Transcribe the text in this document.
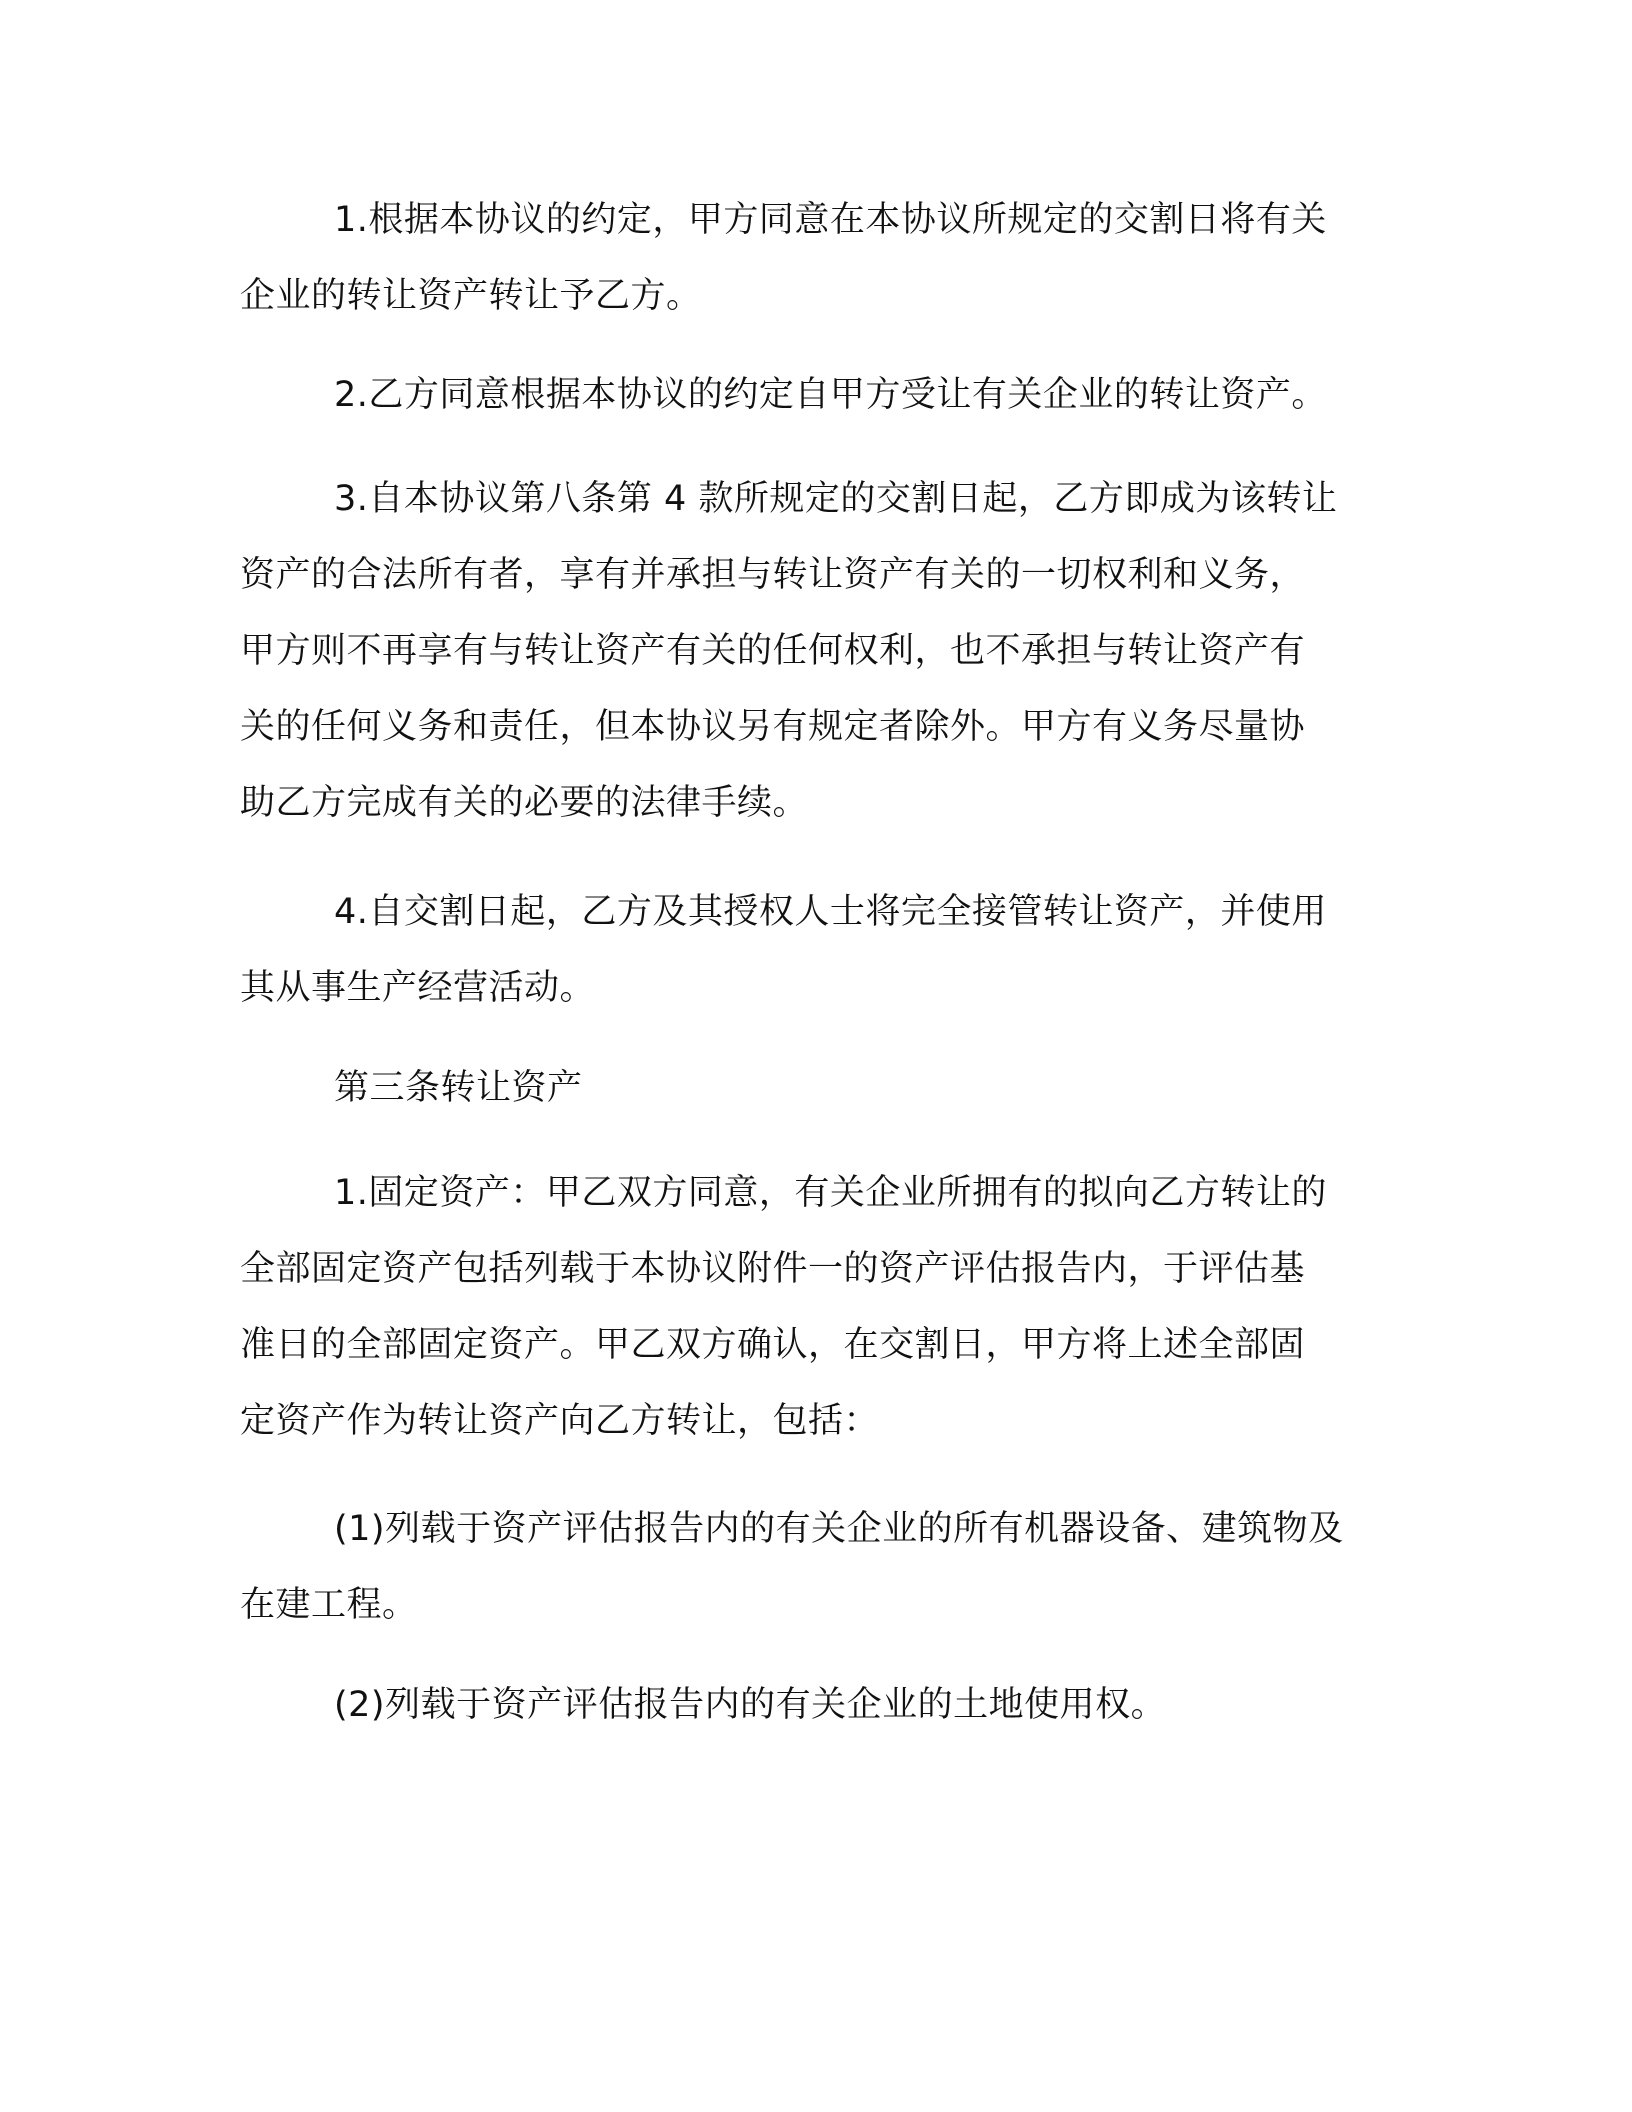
1.根据本协议的约定，甲方同意在本协议所规定的交割日将有关
企业的转让资产转让予乙方。

2.乙方同意根据本协议的约定自甲方受让有关企业的转让资产。

3.自本协议第八条第 4 款所规定的交割日起，乙方即成为该转让
资产的合法所有者，享有并承担与转让资产有关的一切权利和义务，
甲方则不再享有与转让资产有关的任何权利，也不承担与转让资产有
关的任何义务和责任，但本协议另有规定者除外。甲方有义务尽量协
助乙方完成有关的必要的法律手续。

4.自交割日起，乙方及其授权人士将完全接管转让资产，并使用
其从事生产经营活动。

第三条转让资产

1.固定资产：甲乙双方同意，有关企业所拥有的拟向乙方转让的
全部固定资产包括列载于本协议附件一的资产评估报告内，于评估基
准日的全部固定资产。甲乙双方确认，在交割日，甲方将上述全部固
定资产作为转让资产向乙方转让，包括：

(1)列载于资产评估报告内的有关企业的所有机器设备、建筑物及
在建工程。

(2)列载于资产评估报告内的有关企业的土地使用权。
